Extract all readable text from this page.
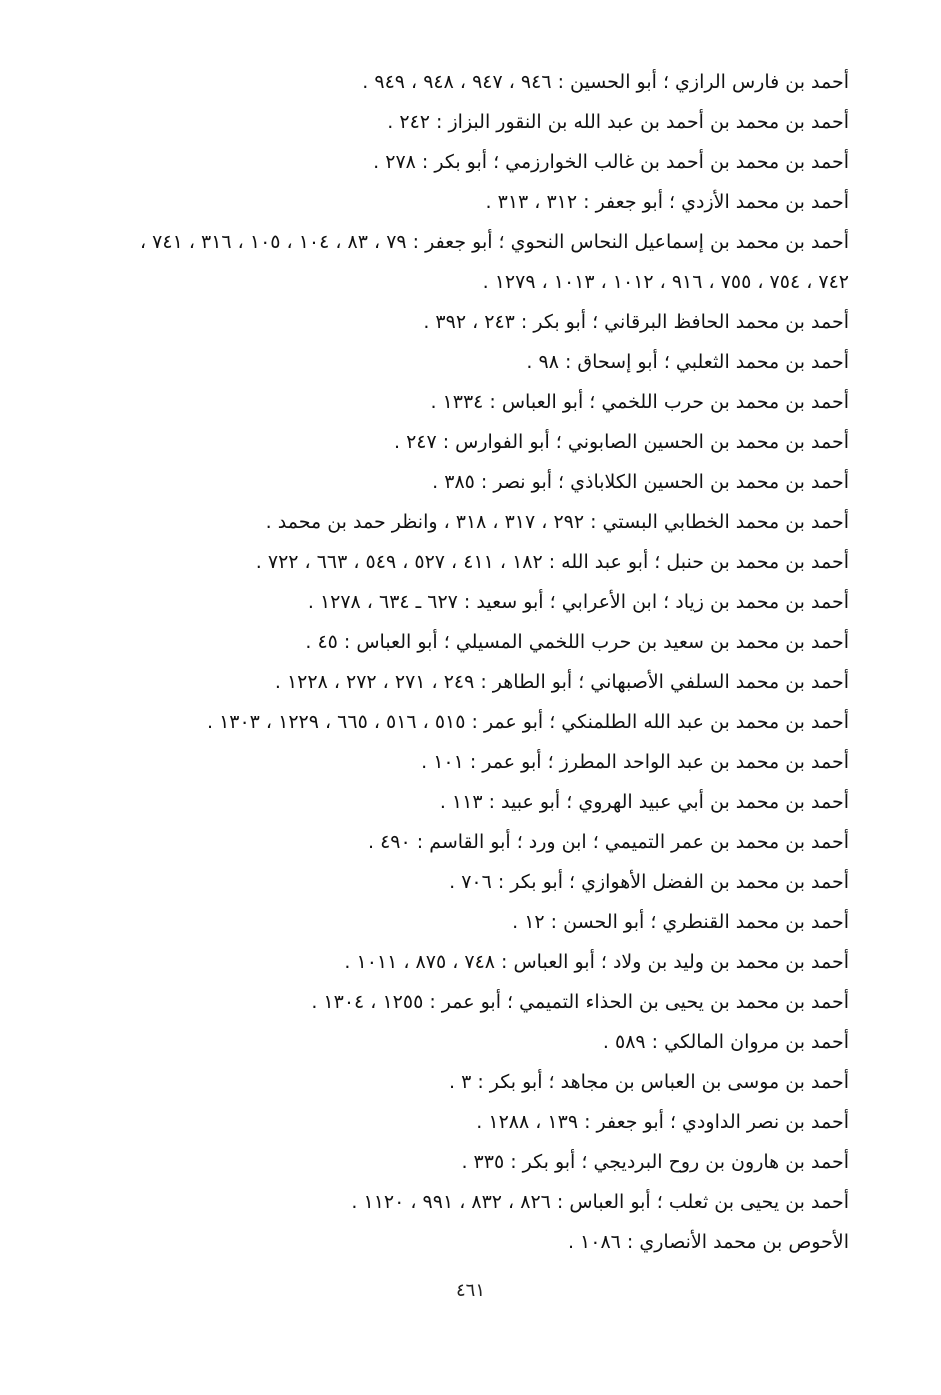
أحمد بن فارس الرازي ؛ أبو الحسين : ٩٤٦ ، ٩٤٧ ، ٩٤٨ ، ٩٤٩ .
أحمد بن محمد بن أحمد بن عبد الله بن النقور البزاز : ٢٤٢ .
أحمد بن محمد بن أحمد بن غالب الخوارزمي ؛ أبو بكر : ٢٧٨ .
أحمد بن محمد الأزدي ؛ أبو جعفر : ٣١٢ ، ٣١٣ .
أحمد بن محمد بن إسماعيل النحاس النحوي ؛ أبو جعفر : ٧٩ ، ٨٣ ، ١٠٤ ، ١٠٥ ، ٣١٦ ، ٧٤١ ، ٧٤٢ ، ٧٥٤ ، ٧٥٥ ، ٩١٦ ، ١٠١٢ ، ١٠١٣ ، ١٢٧٩ .
أحمد بن محمد الحافظ البرقاني ؛ أبو بكر : ٢٤٣ ، ٣٩٢ .
أحمد بن محمد الثعلبي ؛ أبو إسحاق : ٩٨ .
أحمد بن محمد بن حرب اللخمي ؛ أبو العباس : ١٣٣٤ .
أحمد بن محمد بن الحسين الصابوني ؛ أبو الفوارس : ٢٤٧ .
أحمد بن محمد بن الحسين الكلاباذي ؛ أبو نصر : ٣٨٥ .
أحمد بن محمد الخطابي البستي : ٢٩٢ ، ٣١٧ ، ٣١٨ ، وانظر حمد بن محمد .
أحمد بن محمد بن حنبل ؛ أبو عبد الله : ١٨٢ ، ٤١١ ، ٥٢٧ ، ٥٤٩ ، ٦٦٣ ، ٧٢٢ .
أحمد بن محمد بن زياد ؛ ابن الأعرابي ؛ أبو سعيد : ٦٢٧ ـ ٦٣٤ ، ١٢٧٨ .
أحمد بن محمد بن سعيد بن حرب اللخمي المسيلي ؛ أبو العباس : ٤٥ .
أحمد بن محمد السلفي الأصبهاني ؛ أبو الطاهر : ٢٤٩ ، ٢٧١ ، ٢٧٢ ، ١٢٢٨ .
أحمد بن محمد بن عبد الله الطلمنكي ؛ أبو عمر : ٥١٥ ، ٥١٦ ، ٦٦٥ ، ١٢٢٩ ، ١٣٠٣ .
أحمد بن محمد بن عبد الواحد المطرز ؛ أبو عمر : ١٠١ .
أحمد بن محمد بن أبي عبيد الهروي ؛ أبو عبيد : ١١٣ .
أحمد بن محمد بن عمر التميمي ؛ ابن ورد ؛ أبو القاسم : ٤٩٠ .
أحمد بن محمد بن الفضل الأهوازي ؛ أبو بكر : ٧٠٦ .
أحمد بن محمد القنطري ؛ أبو الحسن : ١٢ .
أحمد بن محمد بن وليد بن ولاد ؛ أبو العباس : ٧٤٨ ، ٨٧٥ ، ١٠١١ .
أحمد بن محمد بن يحيى بن الحذاء التميمي ؛ أبو عمر : ١٢٥٥ ، ١٣٠٤ .
أحمد بن مروان المالكي : ٥٨٩ .
أحمد بن موسى بن العباس بن مجاهد ؛ أبو بكر : ٣ .
أحمد بن نصر الداودي ؛ أبو جعفر : ١٣٩ ، ١٢٨٨ .
أحمد بن هارون بن روح البرديجي ؛ أبو بكر : ٣٣٥ .
أحمد بن يحيى بن ثعلب ؛ أبو العباس : ٨٢٦ ، ٨٣٢ ، ٩٩١ ، ١١٢٠ .
الأحوص بن محمد الأنصاري : ١٠٨٦ .
٤٦١
